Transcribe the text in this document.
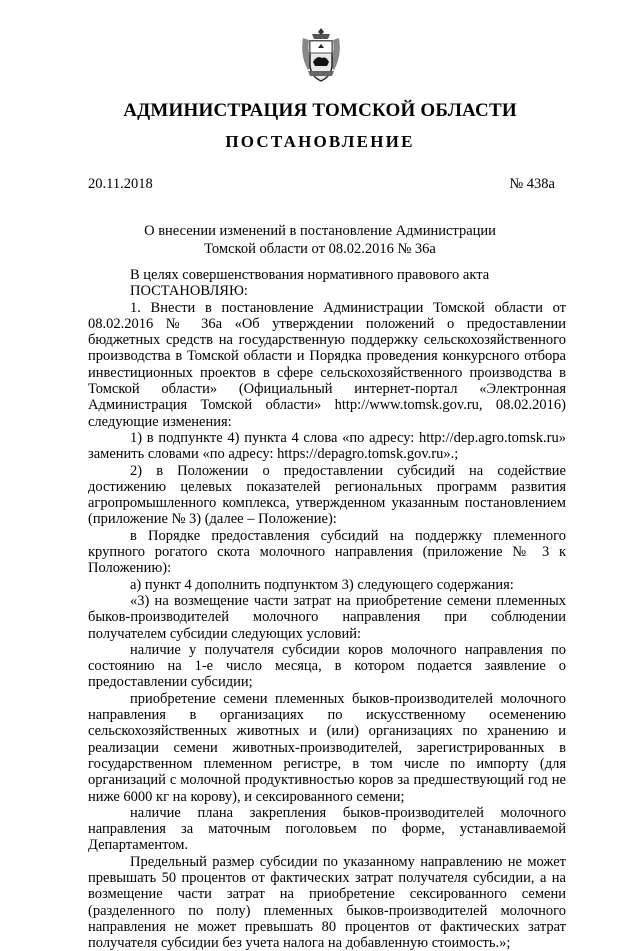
АДМИНИСТРАЦИЯ ТОМСКОЙ ОБЛАСТИ
ПОСТАНОВЛЕНИЕ
20.11.2018	№ 438а
О внесении изменений в постановление Администрации
Томской области от 08.02.2016 № 36а

В целях совершенствования нормативного правового акта

ПОСТАНОВЛЯЮ:

1. Внести в постановление Администрации Томской области от 08.02.2016 № 36а «Об утверждении положений о предоставлении бюджетных средств на государственную поддержку сельскохозяйственного производства в Томской области и Порядка проведения конкурсного отбора инвестиционных проектов в сфере сельскохозяйственного производства в Томской области» (Официальный интернет-портал «Электронная Администрация Томской области» http://www.tomsk.gov.ru, 08.02.2016) следующие изменения:

1) в подпункте 4) пункта 4 слова «по адресу: http://dep.agro.tomsk.ru» заменить словами «по адресу: https://depagro.tomsk.gov.ru».;

2) в Положении о предоставлении субсидий на содействие достижению целевых показателей региональных программ развития агропромышленного комплекса, утвержденном указанным постановлением (приложение № 3) (далее – Положение):

в Порядке предоставления субсидий на поддержку племенного крупного рогатого скота молочного направления (приложение № 3 к Положению):

а) пункт 4 дополнить подпунктом 3) следующего содержания:

«3) на возмещение части затрат на приобретение семени племенных быков-производителей молочного направления при соблюдении получателем субсидии следующих условий:

наличие у получателя субсидии коров молочного направления по состоянию на 1-е число месяца, в котором подается заявление о предоставлении субсидии;

приобретение семени племенных быков-производителей молочного направления в организациях по искусственному осеменению сельскохозяйственных животных и (или) организациях по хранению и реализации семени животных-производителей, зарегистрированных в государственном племенном регистре, в том числе по импорту (для организаций с молочной продуктивностью коров за предшествующий год не ниже 6000 кг на корову), и сексированного семени;

наличие плана закрепления быков-производителей молочного направления за маточным поголовьем по форме, устанавливаемой Департаментом.

Предельный размер субсидии по указанному направлению не может превышать 50 процентов от фактических затрат получателя субсидии, а на возмещение части затрат на приобретение сексированного семени (разделенного по полу) племенных быков-производителей молочного направления не может превышать 80 процентов от фактических затрат получателя субсидии без учета налога на добавленную стоимость.»;
